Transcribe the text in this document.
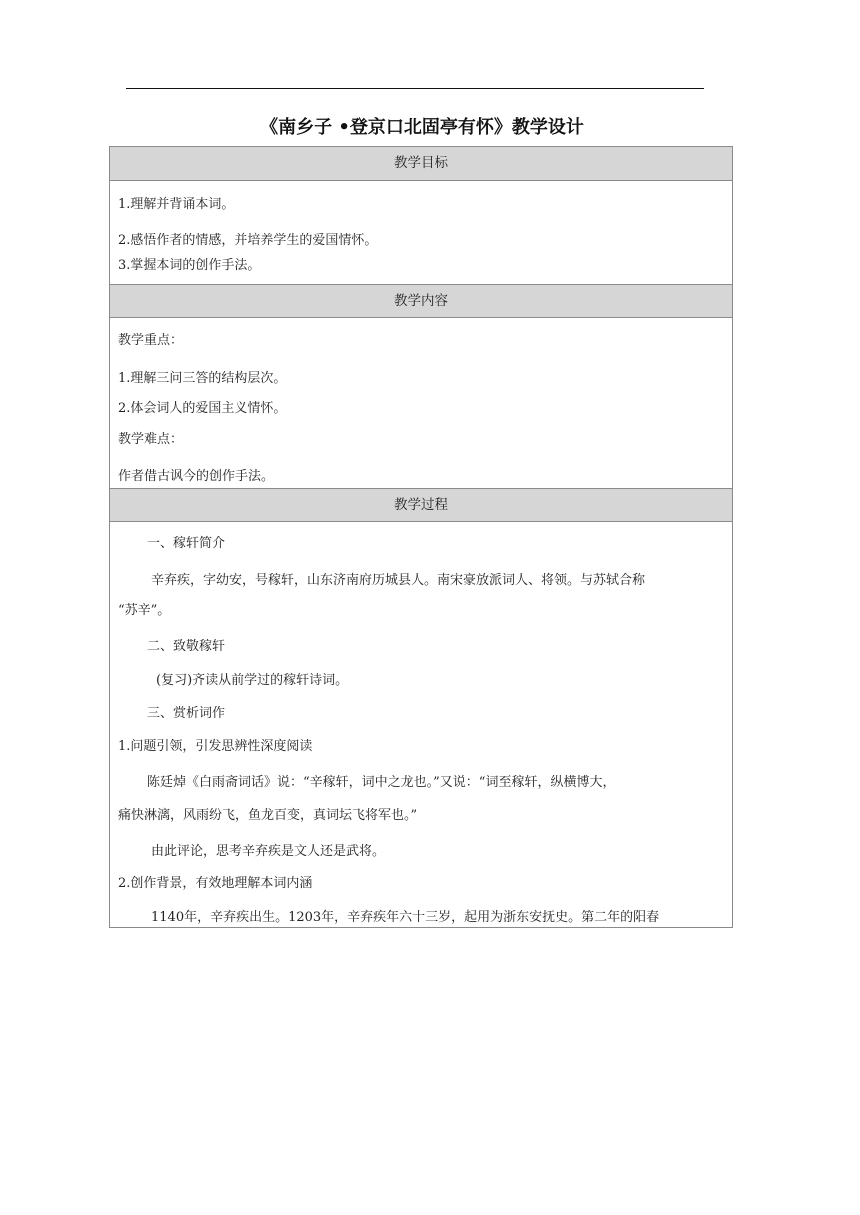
《南乡子 •登京口北固亭有怀》教学设计
教学目标
1.理解并背诵本词。
2.感悟作者的情感，并培养学生的爱国情怀。
3.掌握本词的创作手法。
教学内容
教学重点：
1.理解三问三答的结构层次。
2.体会词人的爱国主义情怀。
教学难点：
作者借古讽今的创作手法。
教学过程
一、稼轩简介
辛弃疾，字幼安，号稼轩，山东济南府历城县人。南宋豪放派词人、将领。与苏轼合称
“苏辛”。
二、致敬稼轩
(复习)齐读从前学过的稼轩诗词。
三、赏析词作
1.问题引领，引发思辨性深度阅读
陈廷焯《白雨斋词话》说：“辛稼轩，词中之龙也。”又说：“词至稼轩，纵横博大，
痛快淋漓，风雨纷飞，鱼龙百变，真词坛飞将军也。”
由此评论，思考辛弃疾是文人还是武将。
2.创作背景，有效地理解本词内涵
1140年，辛弃疾出生。1203年，辛弃疾年六十三岁，起用为浙东安抚史。第二年的阳春
